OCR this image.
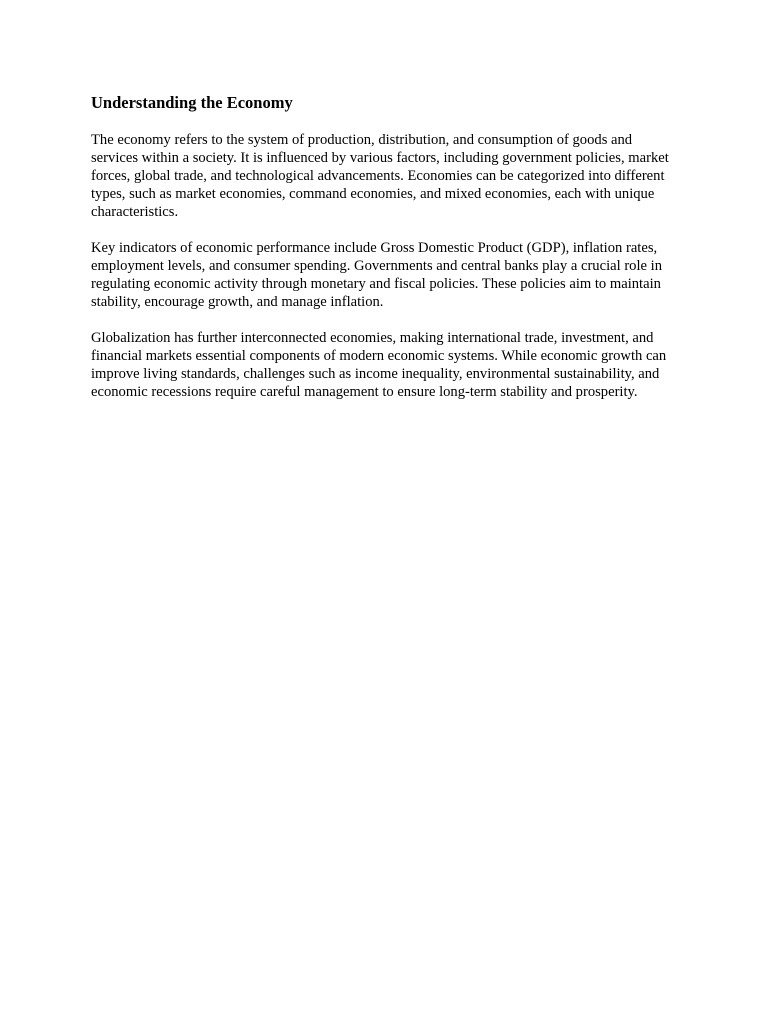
Understanding the Economy

The economy refers to the system of production, distribution, and consumption of goods and services within a society. It is influenced by various factors, including government policies, market forces, global trade, and technological advancements. Economies can be categorized into different types, such as market economies, command economies, and mixed economies, each with unique characteristics.

Key indicators of economic performance include Gross Domestic Product (GDP), inflation rates, employment levels, and consumer spending. Governments and central banks play a crucial role in regulating economic activity through monetary and fiscal policies. These policies aim to maintain stability, encourage growth, and manage inflation.

Globalization has further interconnected economies, making international trade, investment, and financial markets essential components of modern economic systems. While economic growth can improve living standards, challenges such as income inequality, environmental sustainability, and economic recessions require careful management to ensure long-term stability and prosperity.
